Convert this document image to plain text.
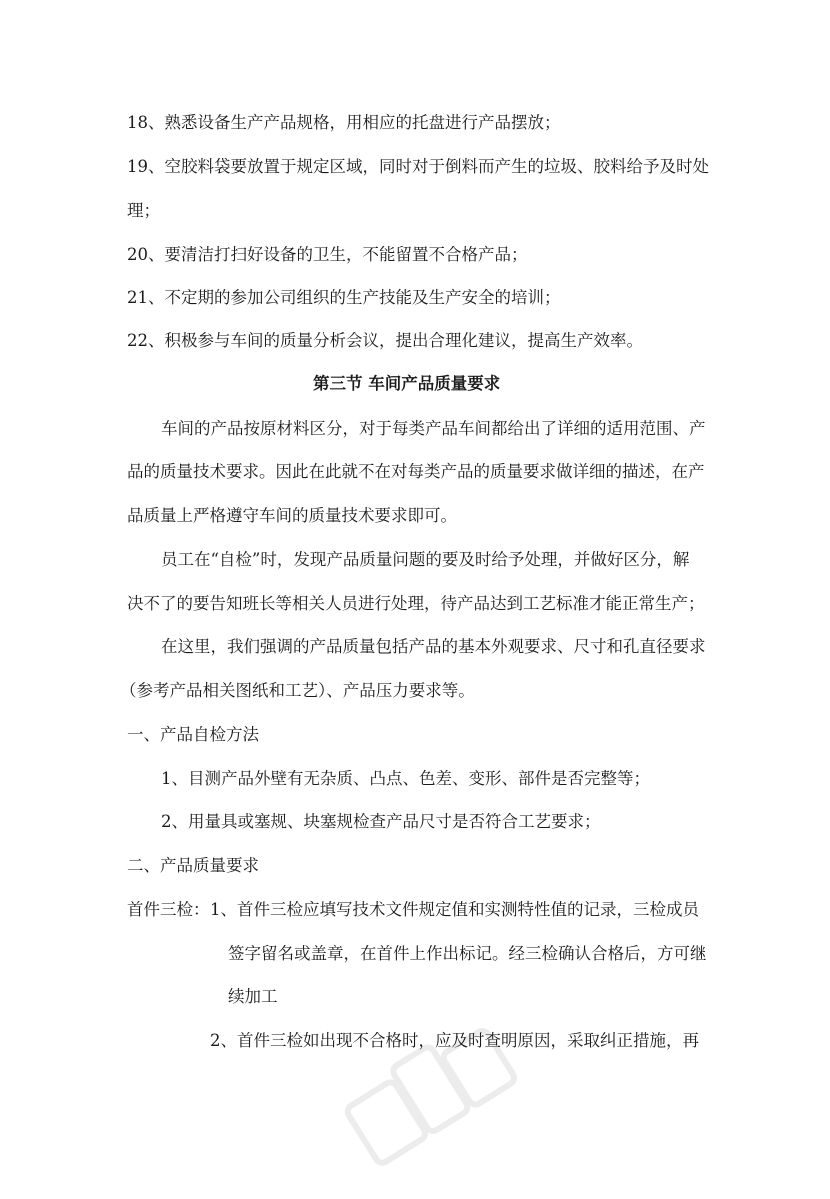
18、熟悉设备生产产品规格，用相应的托盘进行产品摆放；
19、空胶料袋要放置于规定区域，同时对于倒料而产生的垃圾、胶料给予及时处
理；
20、要清洁打扫好设备的卫生，不能留置不合格产品；
21、不定期的参加公司组织的生产技能及生产安全的培训；
22、积极参与车间的质量分析会议，提出合理化建议，提高生产效率。
第三节 车间产品质量要求
车间的产品按原材料区分，对于每类产品车间都给出了详细的适用范围、产
品的质量技术要求。因此在此就不在对每类产品的质量要求做详细的描述，在产
品质量上严格遵守车间的质量技术要求即可。
员工在“自检”时，发现产品质量问题的要及时给予处理，并做好区分，解
决不了的要告知班长等相关人员进行处理，待产品达到工艺标准才能正常生产；
在这里，我们强调的产品质量包括产品的基本外观要求、尺寸和孔直径要求
（参考产品相关图纸和工艺）、产品压力要求等。
一、产品自检方法
1、目测产品外壁有无杂质、凸点、色差、变形、部件是否完整等；
2、用量具或塞规、块塞规检查产品尺寸是否符合工艺要求；
二、产品质量要求
首件三检： 1、首件三检应填写技术文件规定值和实测特性值的记录，三检成员
签字留名或盖章，在首件上作出标记。经三检确认合格后，方可继
续加工
2、首件三检如出现不合格时，应及时查明原因，采取纠正措施，再
